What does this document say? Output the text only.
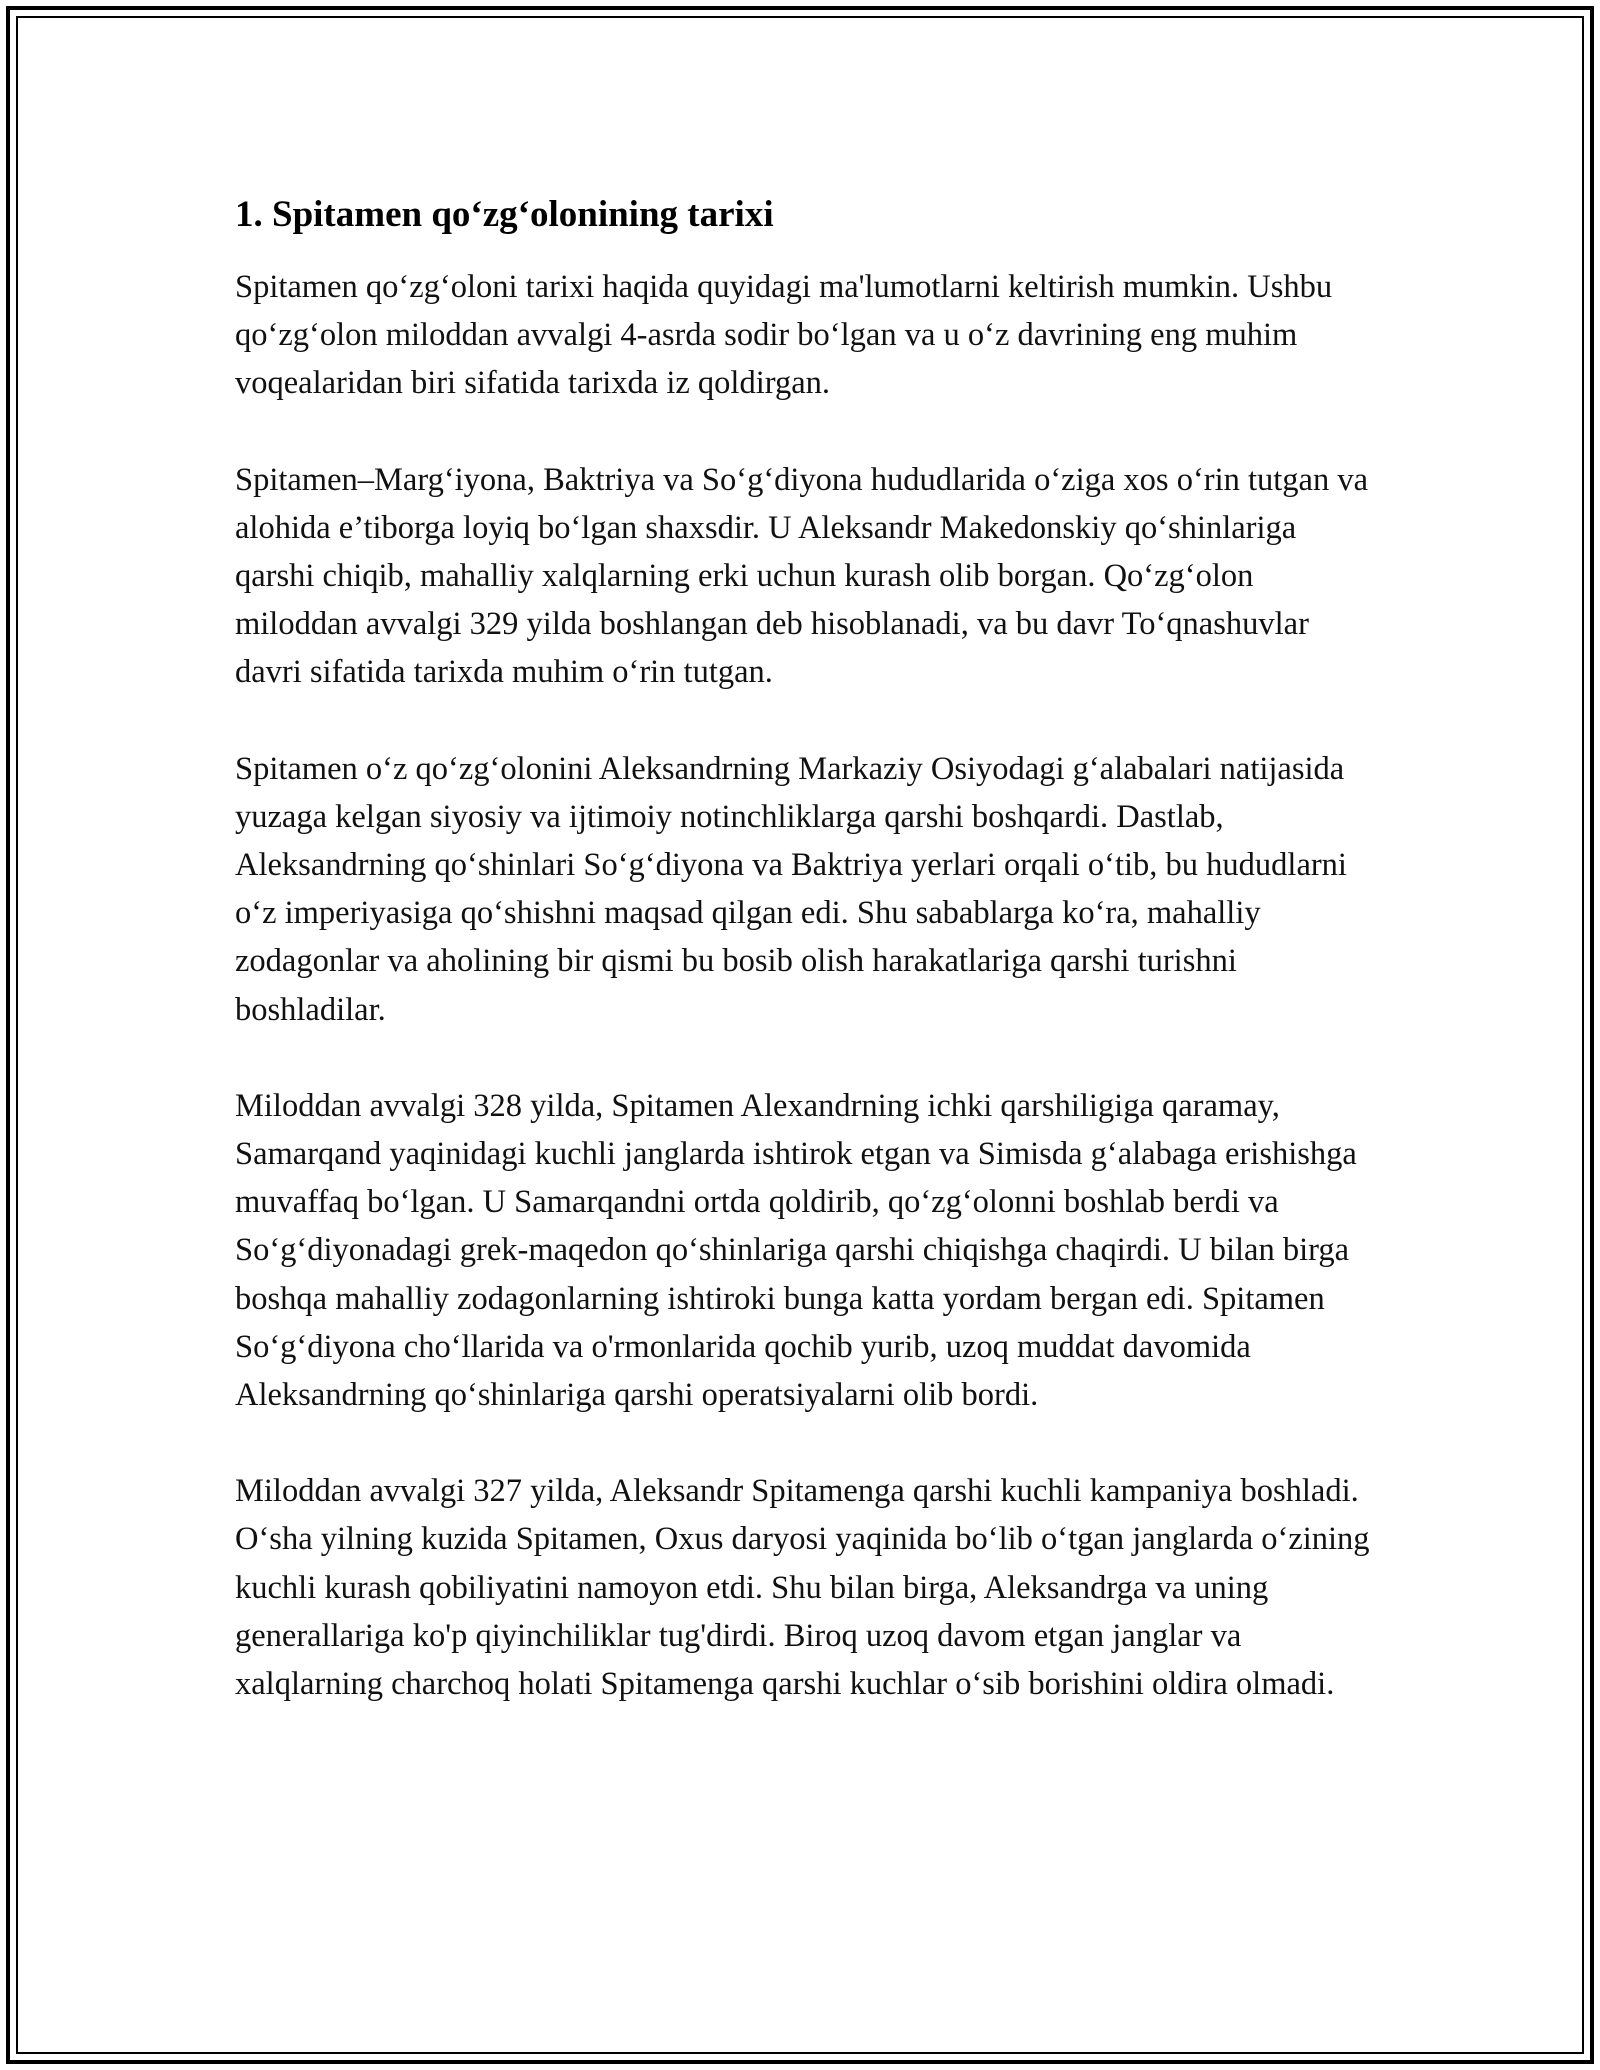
1. Spitamen qo‘zg‘olonining tarixi

Spitamen qo‘zg‘oloni tarixi haqida quyidagi ma'lumotlarni keltirish mumkin. Ushbu qo‘zg‘olon miloddan avvalgi 4-asrda sodir bo‘lgan va u o‘z davrining eng muhim voqealaridan biri sifatida tarixda iz qoldirgan.

Spitamen–Marg‘iyona, Baktriya va So‘g‘diyona hududlarida o‘ziga xos o‘rin tutgan va alohida e’tiborga loyiq bo‘lgan shaxsdir. U Aleksandr Makedonskiy qo‘shinlariga qarshi chiqib, mahalliy xalqlarning erki uchun kurash olib borgan. Qo‘zg‘olon miloddan avvalgi 329 yilda boshlangan deb hisoblanadi, va bu davr To‘qnashuvlar davri sifatida tarixda muhim o‘rin tutgan.

Spitamen o‘z qo‘zg‘olonini Aleksandrning Markaziy Osiyodagi g‘alabalari natijasida yuzaga kelgan siyosiy va ijtimoiy notinchliklarga qarshi boshqardi. Dastlab, Aleksandrning qo‘shinlari So‘g‘diyona va Baktriya yerlari orqali o‘tib, bu hududlarni o‘z imperiyasiga qo‘shishni maqsad qilgan edi. Shu sabablarga ko‘ra, mahalliy zodagonlar va aholining bir qismi bu bosib olish harakatlariga qarshi turishni boshladilar.

Miloddan avvalgi 328 yilda, Spitamen Alexandrning ichki qarshiligiga qaramay, Samarqand yaqinidagi kuchli janglarda ishtirok etgan va Simisda g‘alabaga erishishga muvaffaq bo‘lgan. U Samarqandni ortda qoldirib, qo‘zg‘olonni boshlab berdi va So‘g‘diyonadagi grek-maqedon qo‘shinlariga qarshi chiqishga chaqirdi. U bilan birga boshqa mahalliy zodagonlarning ishtiroki bunga katta yordam bergan edi. Spitamen So‘g‘diyona cho‘llarida va o'rmonlarida qochib yurib, uzoq muddat davomida Aleksandrning qo‘shinlariga qarshi operatsiyalarni olib bordi.

Miloddan avvalgi 327 yilda, Aleksandr Spitamenga qarshi kuchli kampaniya boshladi. O‘sha yilning kuzida Spitamen, Oxus daryosi yaqinida bo‘lib o‘tgan janglarda o‘zining kuchli kurash qobiliyatini namoyon etdi. Shu bilan birga, Aleksandrga va uning generallariga ko'p qiyinchiliklar tug'dirdi. Biroq uzoq davom etgan janglar va xalqlarning charchoq holati Spitamenga qarshi kuchlar o‘sib borishini oldira olmadi.
